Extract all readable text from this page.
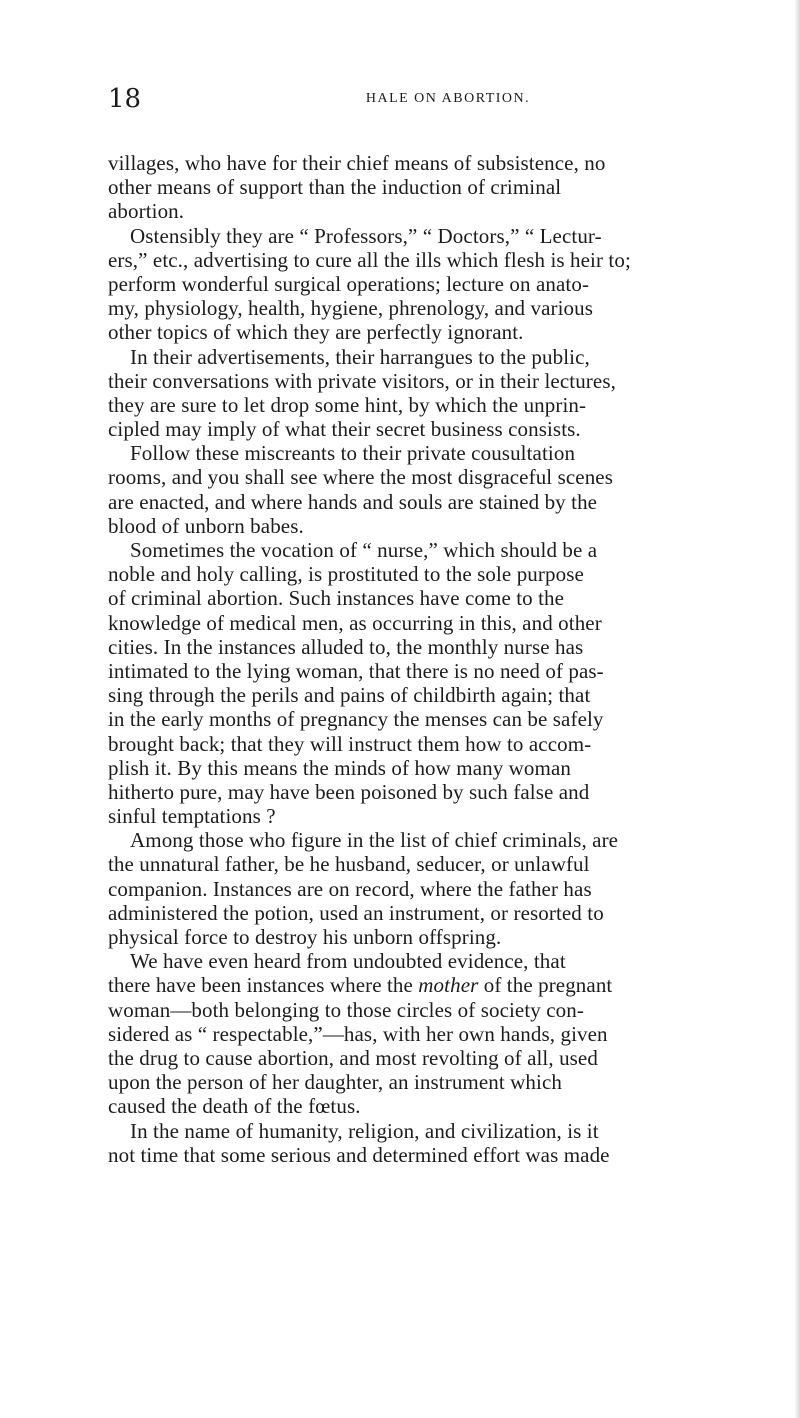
18	HALE ON ABORTION.
villages, who have for their chief means of subsistence, no
other means of support than the induction of criminal
abortion.
Ostensibly they are “ Professors,” “ Doctors,” “ Lectur-
ers,” etc., advertising to cure all the ills which flesh is heir to;
perform wonderful surgical operations; lecture on anato-
my, physiology, health, hygiene, phrenology, and various
other topics of which they are perfectly ignorant.
In their advertisements, their harrangues to the public,
their conversations with private visitors, or in their lectures,
they are sure to let drop some hint, by which the unprin-
cipled may imply of what their secret business consists.
Follow these miscreants to their private cousultation
rooms, and you shall see where the most disgraceful scenes
are enacted, and where hands and souls are stained by the
blood of unborn babes.
Sometimes the vocation of “ nurse,” which should be a
noble and holy calling, is prostituted to the sole purpose
of criminal abortion. Such instances have come to the
knowledge of medical men, as occurring in this, and other
cities. In the instances alluded to, the monthly nurse has
intimated to the lying woman, that there is no need of pas-
sing through the perils and pains of childbirth again; that
in the early months of pregnancy the menses can be safely
brought back; that they will instruct them how to accom-
plish it. By this means the minds of how many woman
hitherto pure, may have been poisoned by such false and
sinful temptations ?
Among those who figure in the list of chief criminals, are
the unnatural father, be he husband, seducer, or unlawful
companion. Instances are on record, where the father has
administered the potion, used an instrument, or resorted to
physical force to destroy his unborn offspring.
We have even heard from undoubted evidence, that
there have been instances where the mother of the pregnant
woman—both belonging to those circles of society con-
sidered as “ respectable,”—has, with her own hands, given
the drug to cause abortion, and most revolting of all, used
upon the person of her daughter, an instrument which
caused the death of the fœtus.
In the name of humanity, religion, and civilization, is it
not time that some serious and determined effort was made
